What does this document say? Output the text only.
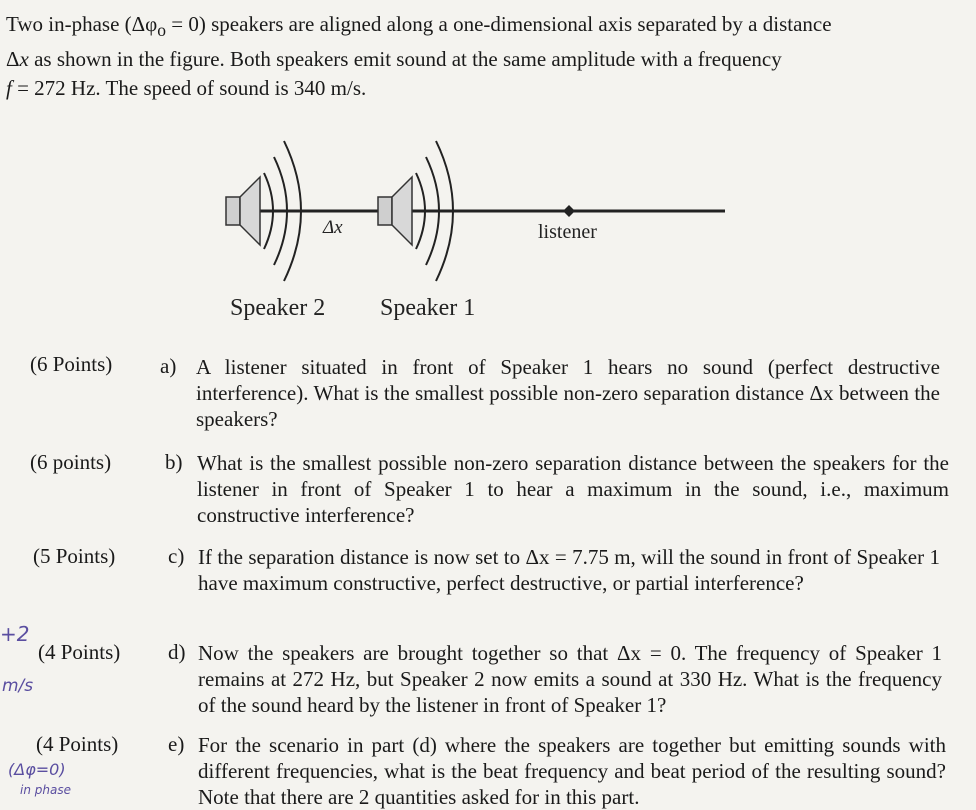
Two in-phase $(\Delta\varphi_o = 0)$ speakers are aligned along a one-dimensional axis separated by a distance
Δx as shown in the figure. Both speakers emit sound at the same amplitude with a frequency
f = 272 Hz. The speed of sound is 340 m/s.
Δx	listener
Speaker 2 Speaker 1
(6 Points) a) A listener situated in front of Speaker 1 hears no sound (perfect destructive interference). What is the smallest possible non-zero separation distance Δx between the speakers?
(6 points)	b) What is the smallest possible non-zero separation distance between the speakers for the listener in front of Speaker 1 to hear a maximum in the sound, i.e., maximum constructive interference?
(5 Points)	c) If the separation distance is now set to Δx = 7.75 m, will the sound in front of Speaker 1 have maximum constructive, perfect destructive, or partial interference?
(4 Points) d) Now the speakers are brought together so that Δx = 0. The frequency of Speaker 1 remains at 272 Hz, but Speaker 2 now emits a sound at 330 Hz. What is the frequency of the sound heard by the listener in front of Speaker 1?
(4 Points) e) For the scenario in part (d) where the speakers are together but emitting sounds with different frequencies, what is the beat frequency and beat period of the resulting sound? Note that there are 2 quantities asked for in this part.
+2
m/s
(Δφ=0)
in phase
